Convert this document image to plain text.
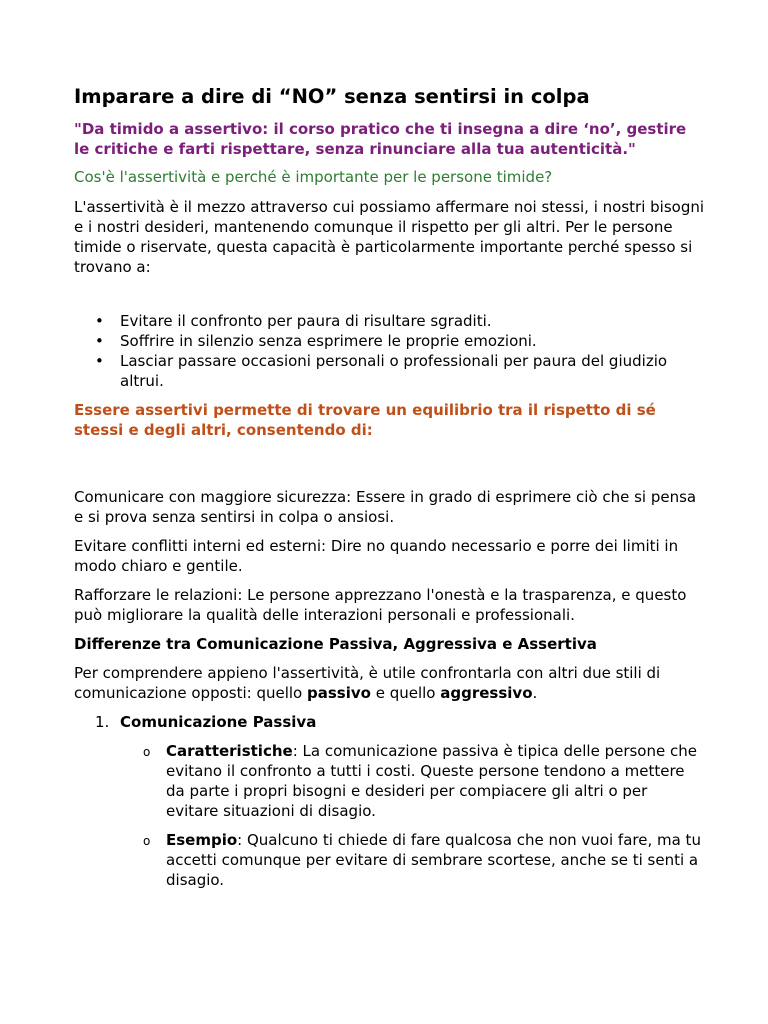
Imparare a dire di “NO” senza sentirsi in colpa
"Da timido a assertivo: il corso pratico che ti insegna a dire ‘no’, gestire le critiche e farti rispettare, senza rinunciare alla tua autenticità."
Cos'è l'assertività e perché è importante per le persone timide?

L'assertività è il mezzo attraverso cui possiamo affermare noi stessi, i nostri bisogni e i nostri desideri, mantenendo comunque il rispetto per gli altri. Per le persone timide o riservate, questa capacità è particolarmente importante perché spesso si trovano a:

• Evitare il confronto per paura di risultare sgraditi.
• Soffrire in silenzio senza esprimere le proprie emozioni.
• Lasciar passare occasioni personali o professionali per paura del giudizio altrui.
Essere assertivi permette di trovare un equilibrio tra il rispetto di sé stessi e degli altri, consentendo di:

Comunicare con maggiore sicurezza: Essere in grado di esprimere ciò che si pensa e si prova senza sentirsi in colpa o ansiosi.

Evitare conflitti interni ed esterni: Dire no quando necessario e porre dei limiti in modo chiaro e gentile.

Rafforzare le relazioni: Le persone apprezzano l'onestà e la trasparenza, e questo può migliorare la qualità delle interazioni personali e professionali.

Differenze tra Comunicazione Passiva, Aggressiva e Assertiva

Per comprendere appieno l'assertività, è utile confrontarla con altri due stili di comunicazione opposti: quello passivo e quello aggressivo.

1. Comunicazione Passiva
o Caratteristiche: La comunicazione passiva è tipica delle persone che evitano il confronto a tutti i costi. Queste persone tendono a mettere da parte i propri bisogni e desideri per compiacere gli altri o per evitare situazioni di disagio.
o Esempio: Qualcuno ti chiede di fare qualcosa che non vuoi fare, ma tu accetti comunque per evitare di sembrare scortese, anche se ti senti a disagio.
